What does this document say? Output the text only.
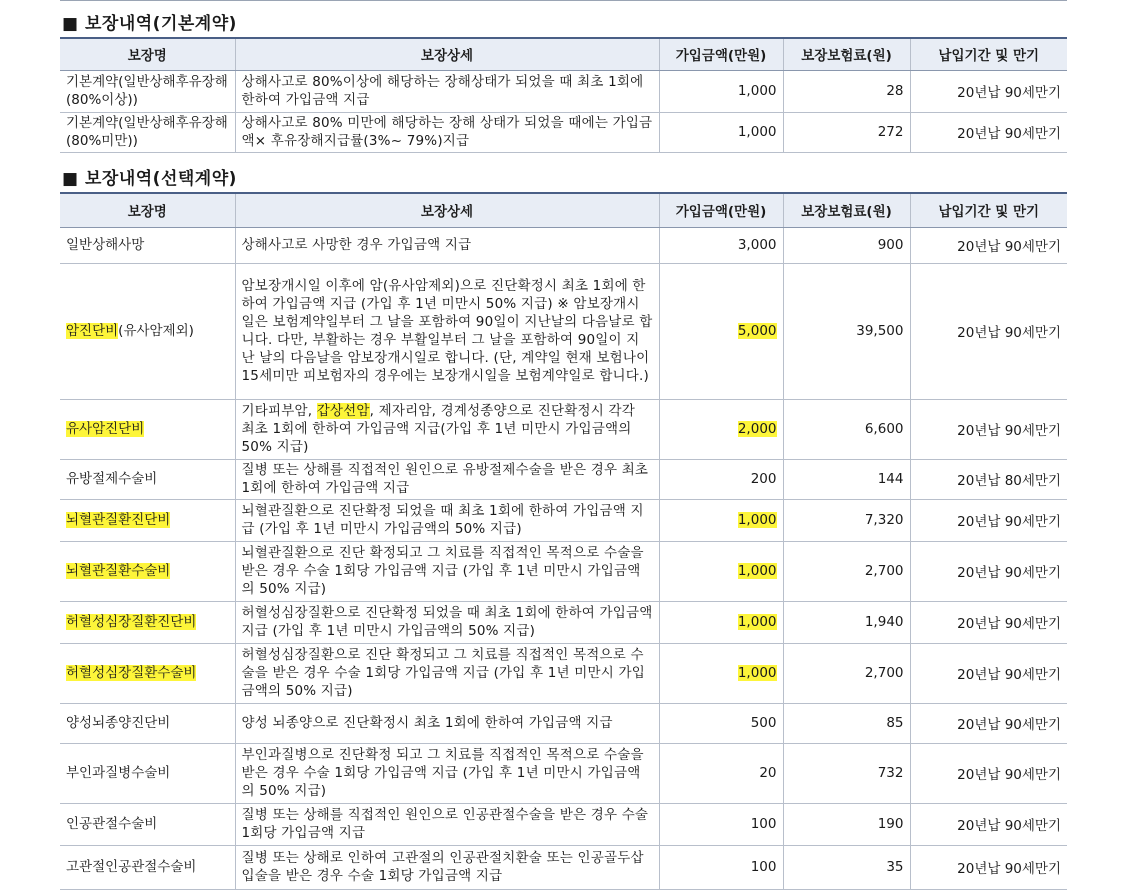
■ 보장내역(기본계약)
보장명	보장상세	가입금액(만원)	보장보험료(원)	납입기간 및 만기
기본계약(일반상해후유장해(80%이상))	상해사고로 80%이상에 해당하는 장해상태가 되었을 때 최초 1회에 한하여 가입금액 지급	1,000	28	20년납 90세만기
기본계약(일반상해후유장해(80%미만))	상해사고로 80% 미만에 해당하는 장해 상태가 되었을 때에는 가입금액× 후유장해지급률(3%~ 79%)지급	1,000	272	20년납 90세만기
■ 보장내역(선택계약)
보장명	보장상세	가입금액(만원)	보장보험료(원)	납입기간 및 만기
일반상해사망	상해사고로 사망한 경우 가입금액 지급	3,000	900	20년납 90세만기
암진단비(유사암제외)	암보장개시일 이후에 암(유사암제외)으로 진단확정시 최초 1회에 한하여 가입금액 지급 (가입 후 1년 미만시 50% 지급) ※ 암보장개시일은 보험계약일부터 그 날을 포함하여 90일이 지난날의 다음날로 합니다. 다만, 부활하는 경우 부활일부터 그 날을 포함하여 90일이 지난 날의 다음날을 암보장개시일로 합니다. (단, 계약일 현재 보험나이 15세미만 피보험자의 경우에는 보장개시일을 보험계약일로 합니다.)	5,000	39,500	20년납 90세만기
유사암진단비	기타피부암, 갑상선암, 제자리암, 경계성종양으로 진단확정시 각각 최초 1회에 한하여 가입금액 지급(가입 후 1년 미만시 가입금액의 50% 지급)	2,000	6,600	20년납 90세만기
유방절제수술비	질병 또는 상해를 직접적인 원인으로 유방절제수술을 받은 경우 최초 1회에 한하여 가입금액 지급	200	144	20년납 80세만기
뇌혈관질환진단비	뇌혈관질환으로 진단확정 되었을 때 최초 1회에 한하여 가입금액 지급 (가입 후 1년 미만시 가입금액의 50% 지급)	1,000	7,320	20년납 90세만기
뇌혈관질환수술비	뇌혈관질환으로 진단 확정되고 그 치료를 직접적인 목적으로 수술을 받은 경우 수술 1회당 가입금액 지급 (가입 후 1년 미만시 가입금액의 50% 지급)	1,000	2,700	20년납 90세만기
허혈성심장질환진단비	허혈성심장질환으로 진단확정 되었을 때 최초 1회에 한하여 가입금액 지급 (가입 후 1년 미만시 가입금액의 50% 지급)	1,000	1,940	20년납 90세만기
허혈성심장질환수술비	허혈성심장질환으로 진단 확정되고 그 치료를 직접적인 목적으로 수술을 받은 경우 수술 1회당 가입금액 지급 (가입 후 1년 미만시 가입금액의 50% 지급)	1,000	2,700	20년납 90세만기
양성뇌종양진단비	양성 뇌종양으로 진단확정시 최초 1회에 한하여 가입금액 지급	500	85	20년납 90세만기
부인과질병수술비	부인과질병으로 진단확정 되고 그 치료를 직접적인 목적으로 수술을 받은 경우 수술 1회당 가입금액 지급 (가입 후 1년 미만시 가입금액의 50% 지급)	20	732	20년납 90세만기
인공관절수술비	질병 또는 상해를 직접적인 원인으로 인공관절수술을 받은 경우 수술 1회당 가입금액 지급	100	190	20년납 90세만기
고관절인공관절수술비	질병 또는 상해로 인하여 고관절의 인공관절치환술 또는 인공골두삽입술을 받은 경우 수술 1회당 가입금액 지급	100	35	20년납 90세만기
